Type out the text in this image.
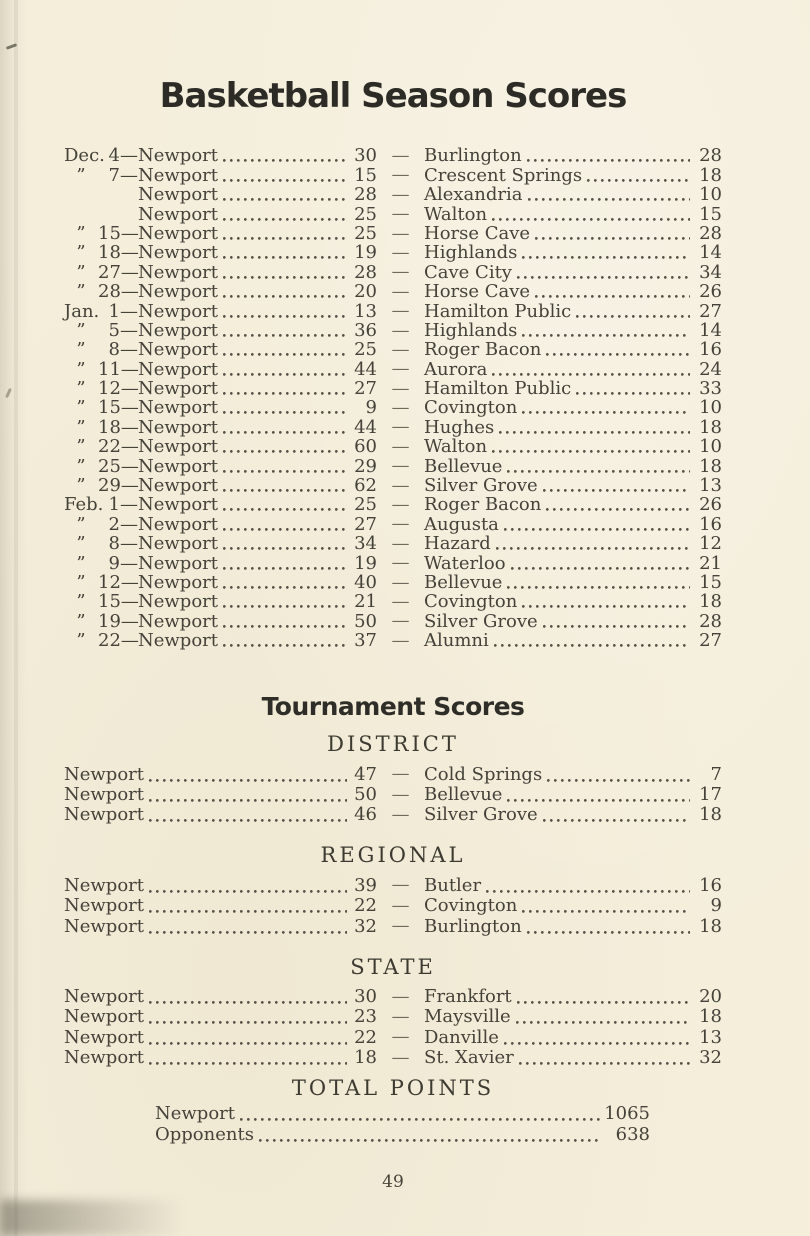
Basketball Season Scores
Dec. 4— Newport	30 — Burlington	28
”	7— Newport	15 — Crescent Springs	18
Newport	28 — Alexandria	10
Newport	25 — Walton	15
” 15— Newport	25 — Horse Cave	28
” 18— Newport	19 — Highlands	14
” 27— Newport	28 — Cave City	34
” 28— Newport	20 — Horse Cave	26
Jan. 1— Newport	13 — Hamilton Public	27
”	5— Newport	36 — Highlands	14
”	8— Newport	25 — Roger Bacon	16
” 11— Newport	44 — Aurora	24
” 12— Newport	27 — Hamilton Public	33
” 15— Newport	9 — Covington	10
” 18— Newport	44 — Hughes	18
” 22— Newport	60 — Walton	10
” 25— Newport	29 — Bellevue	18
” 29— Newport	62 — Silver Grove	13
Feb. 1— Newport	25 — Roger Bacon	26
”	2— Newport	27 — Augusta	16
”	8— Newport	34 — Hazard	12
”	9— Newport	19 — Waterloo	21
” 12— Newport	40 — Bellevue	15
” 15— Newport	21 — Covington	18
” 19— Newport	50 — Silver Grove	28
” 22— Newport	37 — Alumni	27
Tournament Scores
DISTRICT
Newport	47 — Cold Springs	7
Newport	50 — Bellevue	17
Newport	46 — Silver Grove	18
REGIONAL
Newport	39 — Butler	16
Newport	22 — Covington	9
Newport	32 — Burlington	18
STATE
Newport	30 — Frankfort	20
Newport	23 — Maysville	18
Newport	22 — Danville	13
Newport	18 — St. Xavier	32
TOTAL POINTS
Newport	1065
Opponents	638
49
